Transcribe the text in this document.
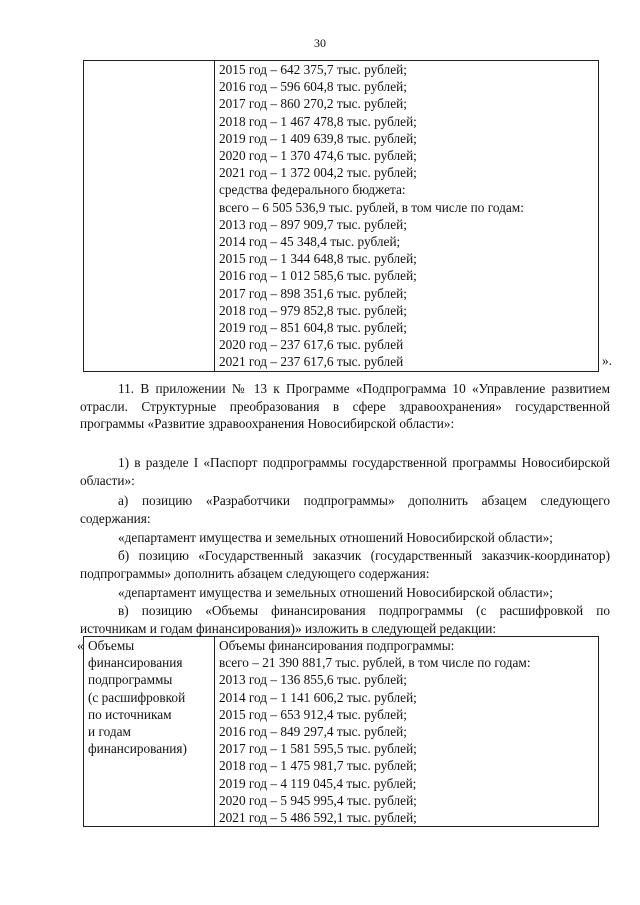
30

2015 год – 642 375,7 тыс. рублей;
2016 год – 596 604,8 тыс. рублей;
2017 год – 860 270,2 тыс. рублей;
2018 год – 1 467 478,8 тыс. рублей;
2019 год – 1 409 639,8 тыс. рублей;
2020 год – 1 370 474,6 тыс. рублей;
2021 год – 1 372 004,2 тыс. рублей;
средства федерального бюджета:
всего – 6 505 536,9 тыс. рублей, в том числе по годам:
2013 год – 897 909,7 тыс. рублей;
2014 год – 45 348,4 тыс. рублей;
2015 год – 1 344 648,8 тыс. рублей;
2016 год – 1 012 585,6 тыс. рублей;
2017 год – 898 351,6 тыс. рублей;
2018 год – 979 852,8 тыс. рублей;
2019 год – 851 604,8 тыс. рублей;
2020 год – 237 617,6 тыс. рублей
2021 год – 237 617,6 тыс. рублей	».
11. В приложении № 13 к Программе «Подпрограмма 10 «Управление развитием отрасли. Структурные преобразования в сфере здравоохранения» государственной программы «Развитие здравоохранения Новосибирской области»:
1) в разделе I «Паспорт подпрограммы государственной программы Новосибирской области»:
а) позицию «Разработчики подпрограммы» дополнить абзацем следующего содержания:
«департамент имущества и земельных отношений Новосибирской области»;
б) позицию «Государственный заказчик (государственный заказчик-координатор) подпрограммы» дополнить абзацем следующего содержания:
«департамент имущества и земельных отношений Новосибирской области»;
в) позицию «Объемы финансирования подпрограммы (с расшифровкой по источникам и годам финансирования)» изложить в следующей редакции:
« Объемы
финансирования
подпрограммы
(с расшифровкой
по источникам
и годам
финансирования)

Объемы финансирования подпрограммы:
всего – 21 390 881,7 тыс. рублей, в том числе по годам:
2013 год – 136 855,6 тыс. рублей;
2014 год – 1 141 606,2 тыс. рублей;
2015 год – 653 912,4 тыс. рублей;
2016 год – 849 297,4 тыс. рублей;
2017 год – 1 581 595,5 тыс. рублей;
2018 год – 1 475 981,7 тыс. рублей;
2019 год – 4 119 045,4 тыс. рублей;
2020 год – 5 945 995,4 тыс. рублей;
2021 год – 5 486 592,1 тыс. рублей;
